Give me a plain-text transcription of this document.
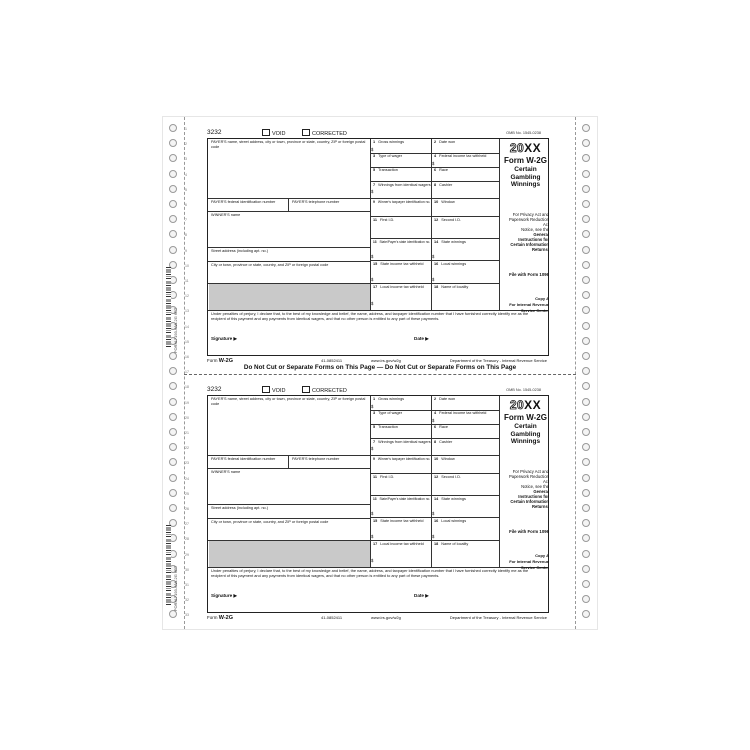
1
2
3
4
5
6
7
8
9
10
11
12
13
14
15
16
17
18
19
20
21
22
23
24
25
26
27
28
29
30
31
32
33
FORM 7193-6/W-2G 6PT
FORM 7193-6/W-2G 6PT
3232	VOID	CORRECTED	OMB No. 1545-0238
PAYER'S name, street address, city or town, province or state, country, ZIP or foreign postal code
PAYER'S federal identification number	PAYER'S telephone number
WINNER'S name
Street address (including apt. no.)
City or town, province or state, country, and ZIP or foreign postal code
1 Gross winnings	2 Date won
3 Type of wager	4 Federal income tax withheld
5 Transaction	6 Race
7 Winnings from identical wagers 8 Cashier
9 Winner's taxpayer identification no. 10 Window
11 First I.D.	12 Second I.D.
13 State/Payer's state identification no. 14 State winnings
15 State income tax withheld	16 Local winnings
17 Local income tax withheld	18 Name of locality
$
$
$
$	$
$	$
$
20XX
Form W-2G
Certain
Gambling
Winnings
For Privacy Act and
Paperwork Reduction
Act
Notice, see the
General
Instructions for
Certain Information
Returns.
File with Form 1096
Copy A
For Internal Revenue
Service Center
Under penalties of perjury, I declare that, to the best of my knowledge and belief, the name, address, and taxpayer identification number that I have furnished correctly identify me as the recipient of this payment and any payments from identical wagers, and that no other person is entitled to any part of these payments.
Signature ▶	Date ▶
Form W-2G	41-0852411	www.irs.gov/w2g	Department of the Treasury - Internal Revenue Service
Do Not Cut or Separate Forms on This Page — Do Not Cut or Separate Forms on This Page
3232	VOID	CORRECTED	OMB No. 1545-0238
PAYER'S name, street address, city or town, province or state, country, ZIP or foreign postal code
PAYER'S federal identification number	PAYER'S telephone number
WINNER'S name
Street address (including apt. no.)
City or town, province or state, country, and ZIP or foreign postal code
1 Gross winnings	2 Date won
3 Type of wager	4 Federal income tax withheld
5 Transaction	6 Race
7 Winnings from identical wagers 8 Cashier
9 Winner's taxpayer identification no. 10 Window
11 First I.D.	12 Second I.D.
13 State/Payer's state identification no. 14 State winnings
15 State income tax withheld	16 Local winnings
17 Local income tax withheld	18 Name of locality
$
$
$
$	$
$	$
$
20XX
Form W-2G
Certain
Gambling
Winnings
For Privacy Act and
Paperwork Reduction
Act
Notice, see the
General
Instructions for
Certain Information
Returns.
File with Form 1096
Copy A
For Internal Revenue
Service Center
Under penalties of perjury, I declare that, to the best of my knowledge and belief, the name, address, and taxpayer identification number that I have furnished correctly identify me as the recipient of this payment and any payments from identical wagers, and that no other person is entitled to any part of these payments.
Signature ▶	Date ▶
Form W-2G	41-0852411	www.irs.gov/w2g	Department of the Treasury - Internal Revenue Service
